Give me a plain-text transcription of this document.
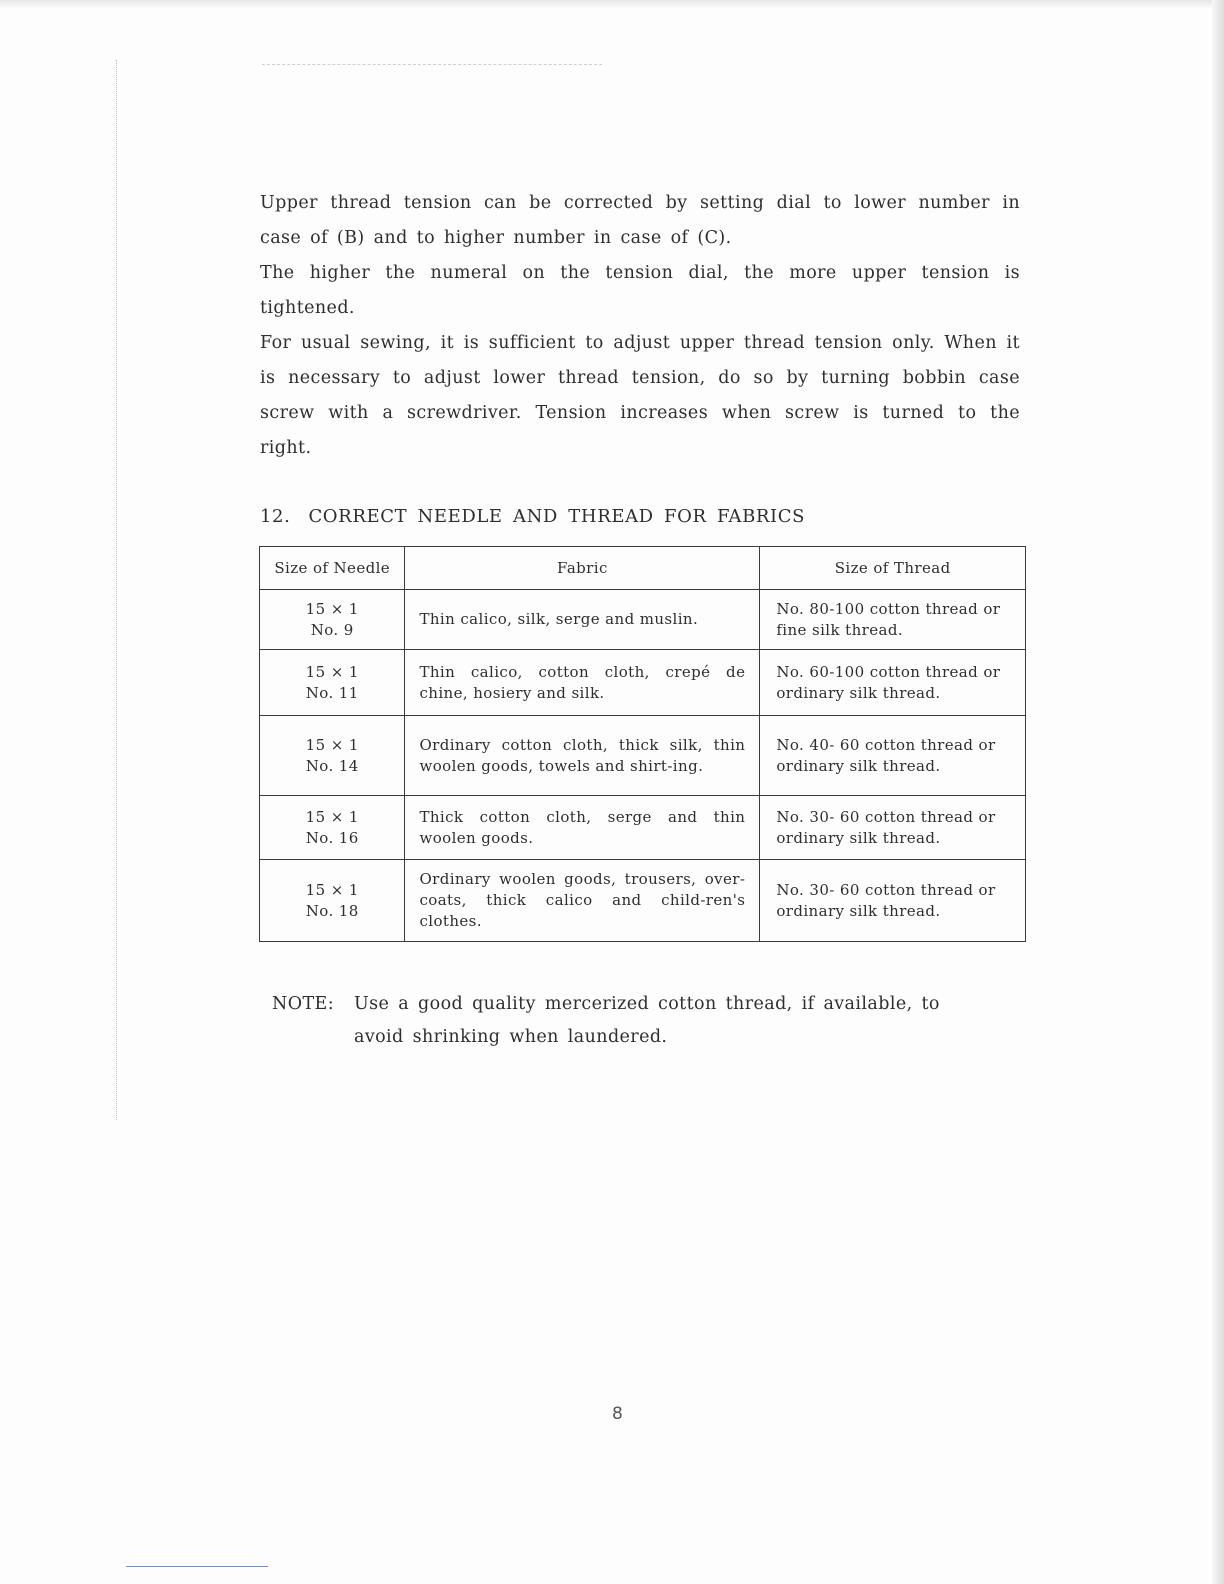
Upper thread tension can be corrected by setting dial to lower number in case of (B) and to higher number in case of (C).

The higher the numeral on the tension dial, the more upper tension is tightened.

For usual sewing, it is sufficient to adjust upper thread tension only. When it is necessary to adjust lower thread tension, do so by turning bobbin case screw with a screwdriver. Tension increases when screw is turned to the right.

12. CORRECT NEEDLE AND THREAD FOR FABRICS
Size of Needle	Fabric	Size of Thread

15 × 1
No. 9	Thin calico, silk, serge and muslin.	No. 80-100 cotton thread or fine silk thread.

15 × 1
No. 11	Thin calico, cotton cloth, crepé de chine, hosiery and silk.	No. 60-100 cotton thread or ordinary silk thread.

15 × 1
No. 14	Ordinary cotton cloth, thick silk, thin woolen goods, towels and shirt-ing.	No. 40- 60 cotton thread or ordinary silk thread.

15 × 1
No. 16	Thick cotton cloth, serge and thin woolen goods.	No. 30- 60 cotton thread or ordinary silk thread.

15 × 1
No. 18	Ordinary woolen goods, trousers, over-coats, thick calico and child-ren's clothes.	No. 30- 60 cotton thread or ordinary silk thread.
NOTE: Use a good quality mercerized cotton thread, if available, to
avoid shrinking when laundered.
8
